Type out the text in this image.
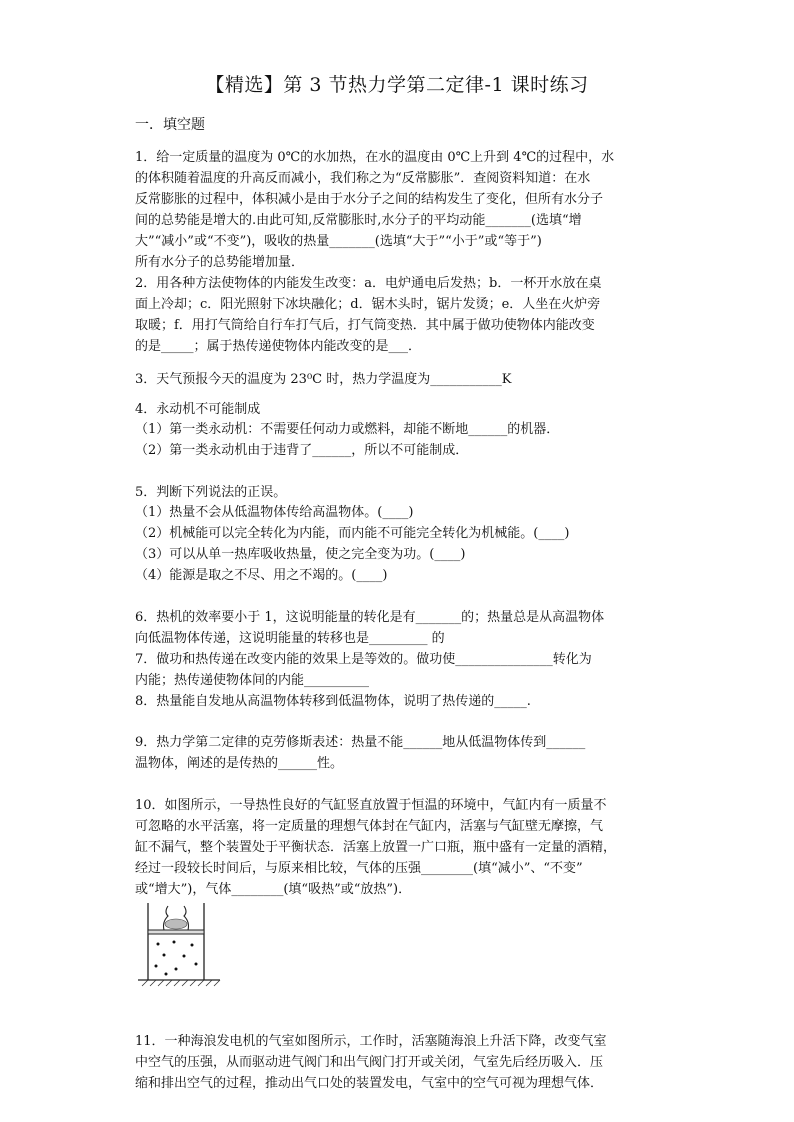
【精选】第 3 节热力学第二定律-1 课时练习
一．填空题
1．给一定质量的温度为 0℃的水加热，在水的温度由 0℃上升到 4℃的过程中，水
的体积随着温度的升高反而减小，我们称之为“反常膨胀”．查阅资料知道：在水
反常膨胀的过程中，体积减小是由于水分子之间的结构发生了变化，但所有水分子
间的总势能是增大的.由此可知,反常膨胀时,水分子的平均动能_______(选填“增
大”“减小”或“不变”)，吸收的热量_______(选填“大于”“小于”或“等于”)
所有水分子的总势能增加量．
2．用各种方法使物体的内能发生改变：a．电炉通电后发热；b．一杯开水放在桌
面上冷却；c．阳光照射下冰块融化；d．锯木头时，锯片发烫；e．人坐在火炉旁
取暖；f．用打气筒给自行车打气后，打气筒变热．其中属于做功使物体内能改变
的是_____；属于热传递使物体内能改变的是___．
3．天气预报今天的温度为 23⁰C 时，热力学温度为___________K
4．永动机不可能制成
（1）第一类永动机：不需要任何动力或燃料，却能不断地______的机器．
（2）第一类永动机由于违背了______，所以不可能制成．
5．判断下列说法的正误。
（1）热量不会从低温物体传给高温物体。(____)
（2）机械能可以完全转化为内能，而内能不可能完全转化为机械能。(____)
（3）可以从单一热库吸收热量，使之完全变为功。(____)
（4）能源是取之不尽、用之不竭的。(____)
6．热机的效率要小于 1，这说明能量的转化是有_______的；热量总是从高温物体
向低温物体传递，这说明能量的转移也是_________ 的
7．做功和热传递在改变内能的效果上是等效的。做功使_______________转化为
内能；热传递使物体间的内能__________
8．热量能自发地从高温物体转移到低温物体，说明了热传递的_____.
9．热力学第二定律的克劳修斯表述：热量不能______地从低温物体传到______
温物体，阐述的是传热的______性。
10．如图所示，一导热性良好的气缸竖直放置于恒温的环境中，气缸内有一质量不
可忽略的水平活塞，将一定质量的理想气体封在气缸内，活塞与气缸壁无摩擦，气
缸不漏气，整个装置处于平衡状态．活塞上放置一广口瓶，瓶中盛有一定量的酒精，
经过一段较长时间后，与原来相比较，气体的压强________(填“减小”、“不变”
或“增大”)，气体________(填“吸热”或“放热”)．
11．一种海浪发电机的气室如图所示，工作时，活塞随海浪上升活下降，改变气室
中空气的压强，从而驱动进气阀门和出气阀门打开或关闭，气室先后经历吸入．压
缩和排出空气的过程，推动出气口处的装置发电，气室中的空气可视为理想气体．
